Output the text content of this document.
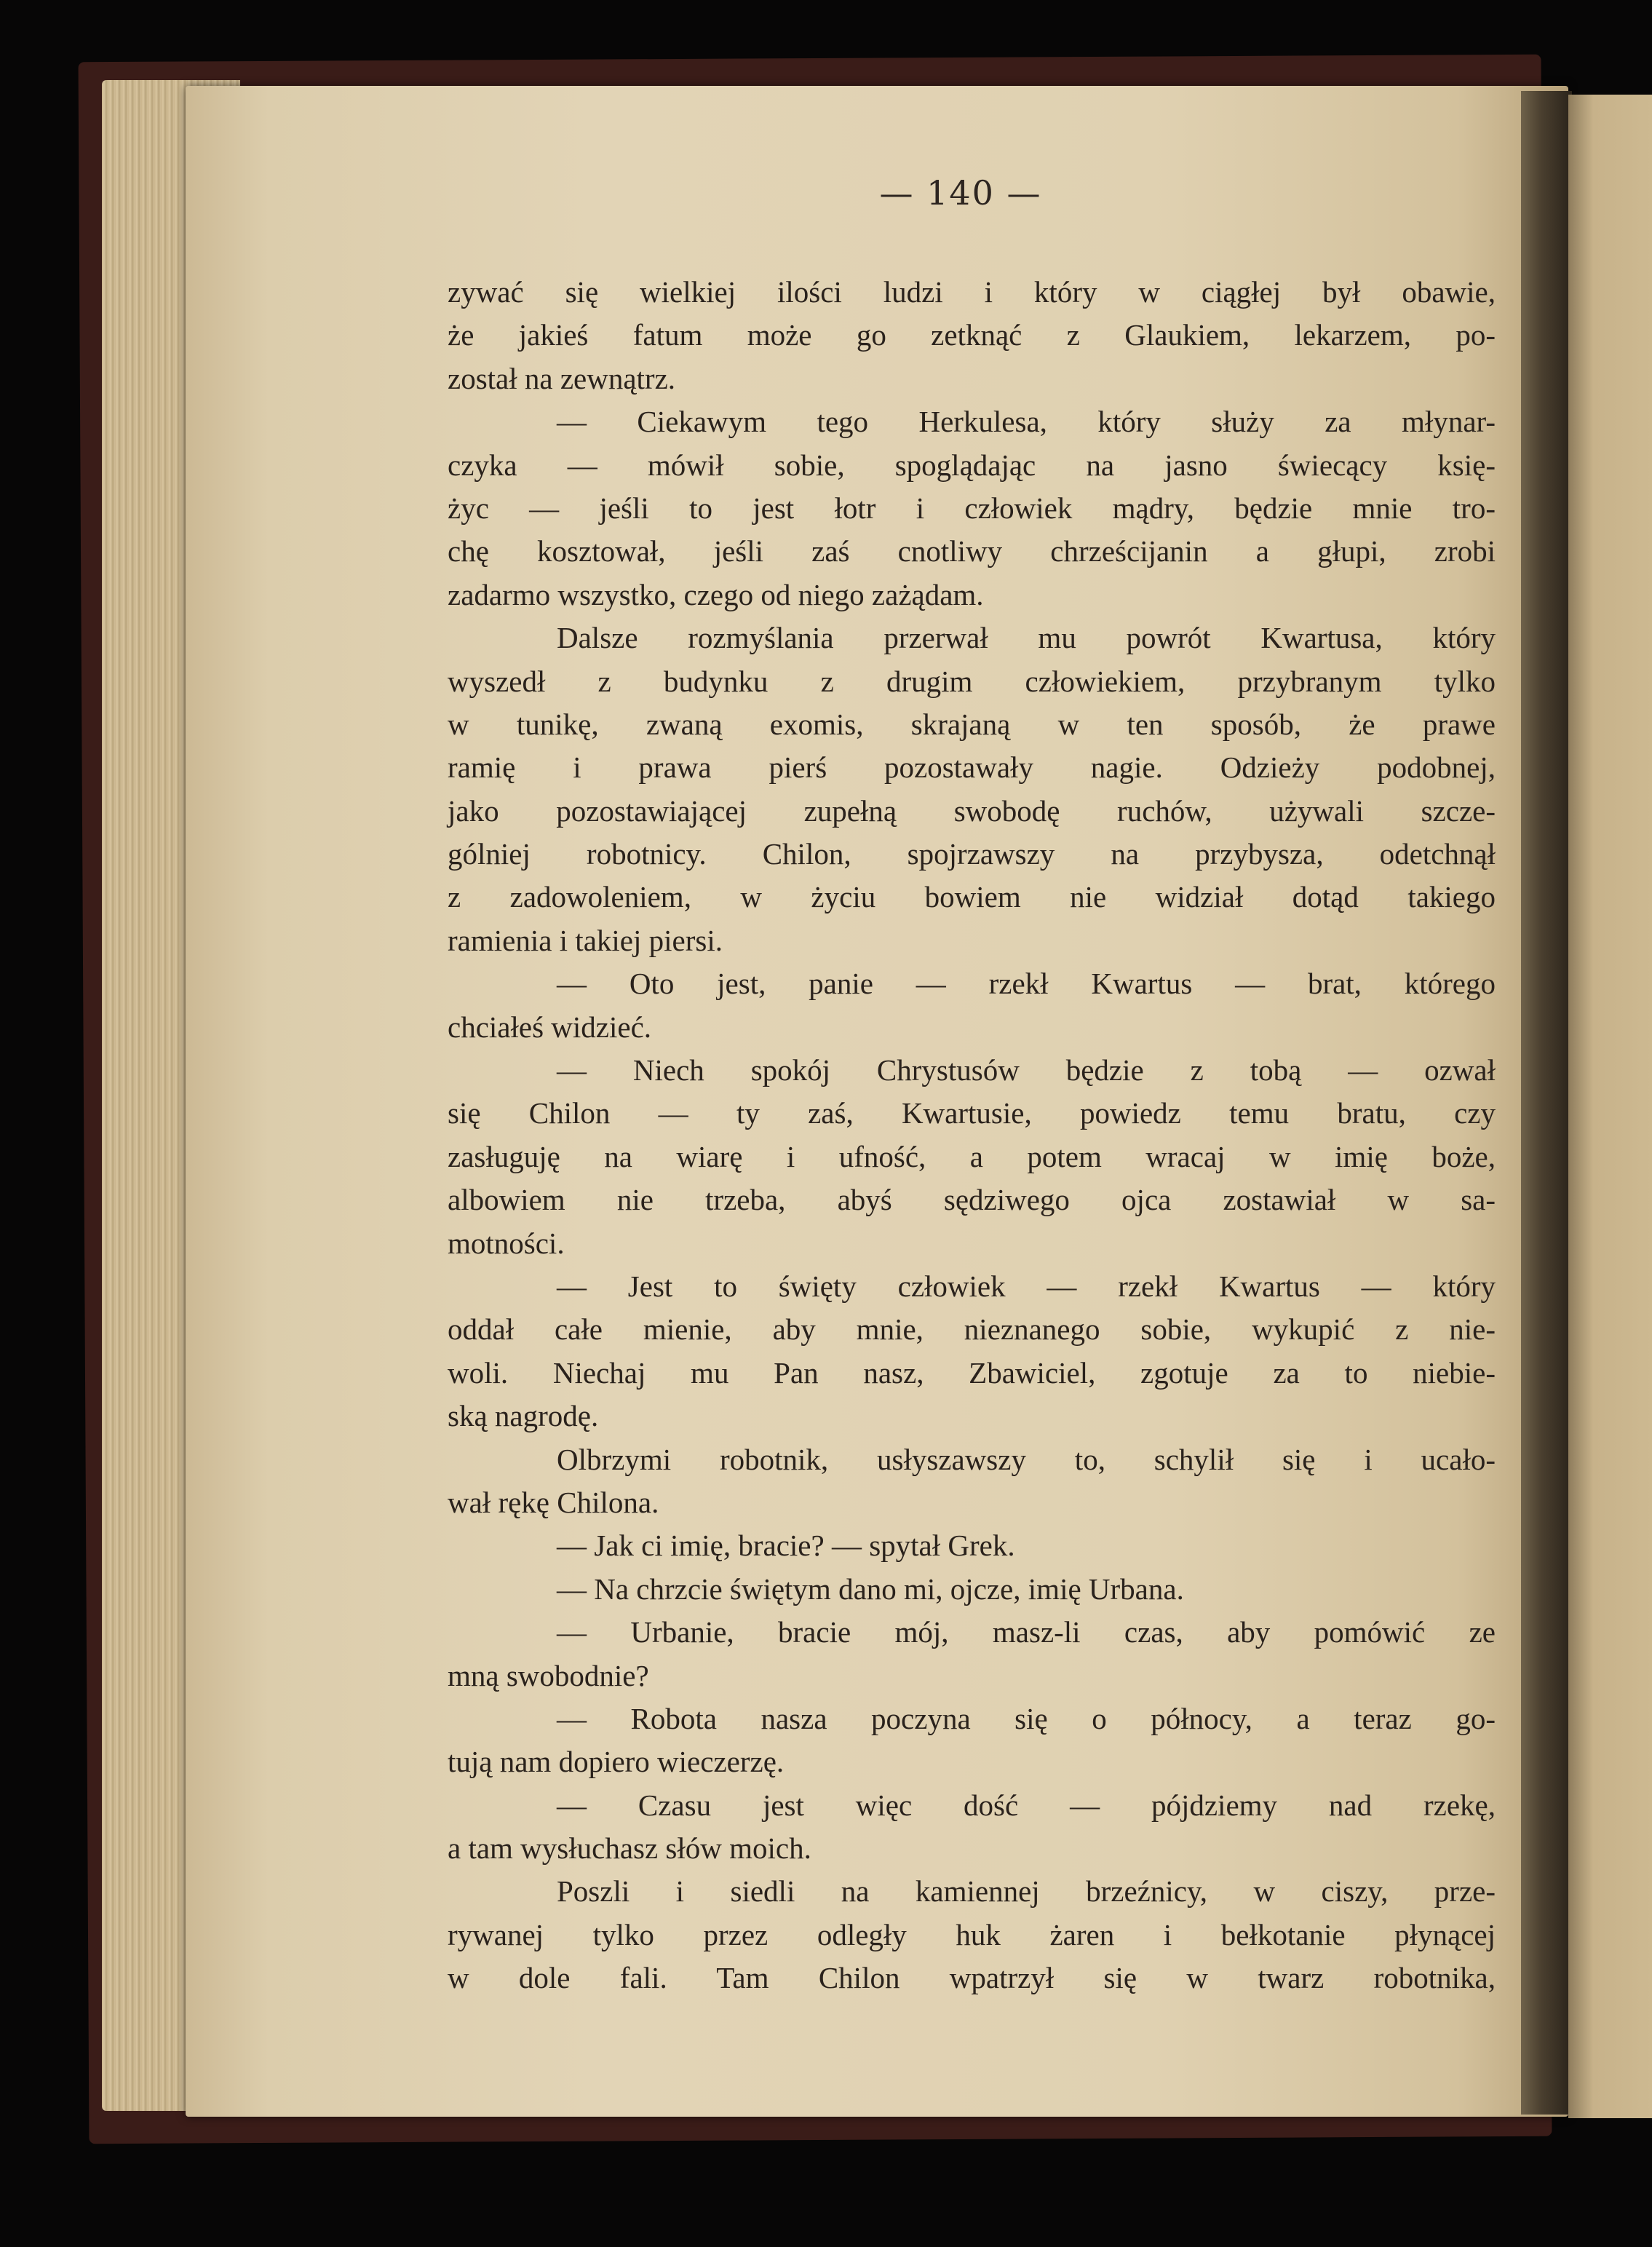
— 140 —
zywać się wielkiej ilości ludzi i który w ciągłej był obawie,
że jakieś fatum może go zetknąć z Glaukiem, lekarzem, po-
został na zewnątrz.
— Ciekawym tego Herkulesa, który służy za młynar-
czyka — mówił sobie, spoglądając na jasno świecący księ-
życ — jeśli to jest łotr i człowiek mądry, będzie mnie tro-
chę kosztował, jeśli zaś cnotliwy chrześcijanin a głupi, zrobi
zadarmo wszystko, czego od niego zażądam.
Dalsze rozmyślania przerwał mu powrót Kwartusa, który
wyszedł z budynku z drugim człowiekiem, przybranym tylko
w tunikę, zwaną exomis, skrajaną w ten sposób, że prawe
ramię i prawa pierś pozostawały nagie. Odzieży podobnej,
jako pozostawiającej zupełną swobodę ruchów, używali szcze-
gólniej robotnicy. Chilon, spojrzawszy na przybysza, odetchnął
z zadowoleniem, w życiu bowiem nie widział dotąd takiego
ramienia i takiej piersi.
— Oto jest, panie — rzekł Kwartus — brat, którego
chciałeś widzieć.
— Niech spokój Chrystusów będzie z tobą — ozwał
się Chilon — ty zaś, Kwartusie, powiedz temu bratu, czy
zasługuję na wiarę i ufność, a potem wracaj w imię boże,
albowiem nie trzeba, abyś sędziwego ojca zostawiał w sa-
motności.
— Jest to święty człowiek — rzekł Kwartus — który
oddał całe mienie, aby mnie, nieznanego sobie, wykupić z nie-
woli. Niechaj mu Pan nasz, Zbawiciel, zgotuje za to niebie-
ską nagrodę.
Olbrzymi robotnik, usłyszawszy to, schylił się i ucało-
wał rękę Chilona.
— Jak ci imię, bracie? — spytał Grek.
— Na chrzcie świętym dano mi, ojcze, imię Urbana.
— Urbanie, bracie mój, masz-li czas, aby pomówić ze
mną swobodnie?
— Robota nasza poczyna się o północy, a teraz go-
tują nam dopiero wieczerzę.
— Czasu jest więc dość — pójdziemy nad rzekę,
a tam wysłuchasz słów moich.
Poszli i siedli na kamiennej brzeźnicy, w ciszy, prze-
rywanej tylko przez odległy huk żaren i bełkotanie płynącej
w dole fali. Tam Chilon wpatrzył się w twarz robotnika,
